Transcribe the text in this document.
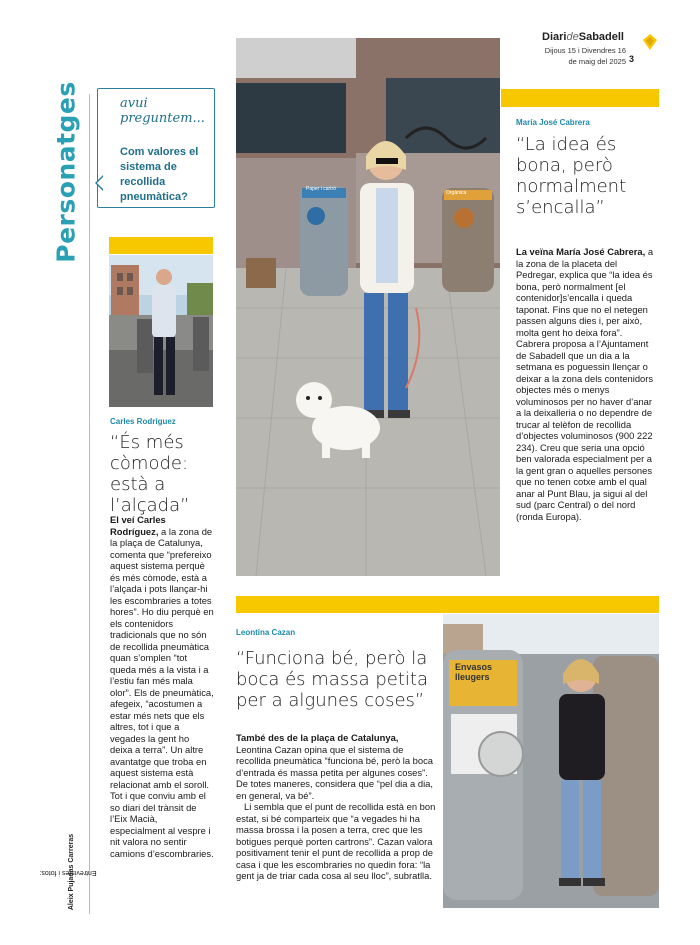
DiarideSabadell
Dijous 15 i Divendres 16
de maig del 2025 3
Personatges	avui
preguntem...
Com valores el sistema de recollida pneumàtica?
Carles Rodríguez
“És més còmode: està a l’alçada”
El veí Carles Rodríguez, a la zona de la plaça de Catalunya, comenta que “prefereixo aquest sistema perquè és més còmode, està a l’alçada i pots llançar-hi les escombraries a totes hores”. Ho diu perquè en els contenidors tradicionals que no són de recollida pneumàtica quan s’omplen “tot queda més a la vista i a l’estiu fan més mala olor”. Els de pneumàtica, afegeix, “acostumen a estar més nets que els altres, tot i que a vegades la gent ho deixa a terra”. Un altre avantatge que troba en aquest sistema està relacionat amb el soroll. Tot i que conviu amb el so diari del trànsit de l’Eix Macià, especialment al vespre i nit valora no sentir camions d’escombraries.
María José Cabrera
“La idea és bona, però normalment s’encalla”
La veïna María José Cabrera, a la zona de la placeta del Pedregar, explica que “la idea és bona, però normalment [el contenidor]s’encalla i queda taponat. Fins que no el netegen passen alguns dies i, per això, molta gent ho deixa fora”. Cabrera proposa a l’Ajuntament de Sabadell que un dia a la setmana es poguessin llençar o deixar a la zona dels contenidors objectes més o menys voluminosos per no haver d’anar a la deixalleria o no dependre de trucar al telèfon de recollida d’objectes voluminosos (900 222 234). Creu que seria una opció ben valorada especialment per a la gent gran o aquelles persones que no tenen cotxe amb el qual anar al Punt Blau, ja sigui al del sud (parc Central) o del nord (ronda Europa).
Leontina Cazan
“Funciona bé, però la boca és massa petita per a algunes coses”
També des de la plaça de Catalunya, Leontina Cazan opina que el sistema de recollida pneumàtica “funciona bé, però la boca d’entrada és massa petita per algunes coses”. De totes maneres, considera que “pel dia a dia, en general, va bé”.
Li sembla que el punt de recollida està en bon estat, si bé comparteix que “a vegades hi ha massa brossa i la posen a terra, crec que les botigues perquè porten cartrons”. Cazan valora positivament tenir el punt de recollida a prop de casa i que les escombraries no quedin fora: “la gent ja de triar cada cosa al seu lloc”, subratlla.
Envasos
lleugers
Paper i cartró
Orgànica
Entrevistes i fotos:

Aleix Pujadas Carreras
